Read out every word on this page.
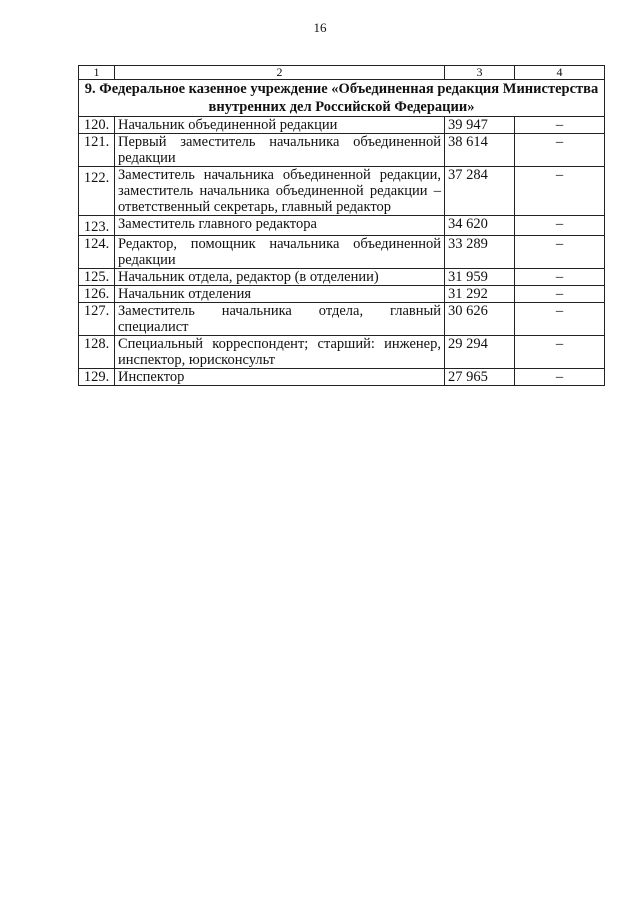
16
1	2	3	4
9. Федеральное казенное учреждение «Объединенная редакция Министерства внутренних дел Российской Федерации»			
120.	Начальник объединенной редакции	39 947	–
121.	Первый заместитель начальника объединенной редакции	38 614	–
122.	Заместитель начальника объединенной редакции, заместитель начальника объединенной редакции – ответственный секретарь, главный редактор	37 284	–
123.	Заместитель главного редактора	34 620	–
124.	Редактор, помощник начальника объединенной редакции	33 289	–
125.	Начальник отдела, редактор (в отделении)	31 959	–
126.	Начальник отделения	31 292	–
127.	Заместитель начальника отдела, главный специалист	30 626	–
128.	Специальный корреспондент; старший: инженер, инспектор, юрисконсульт	29 294	–
129.	Инспектор	27 965	–
